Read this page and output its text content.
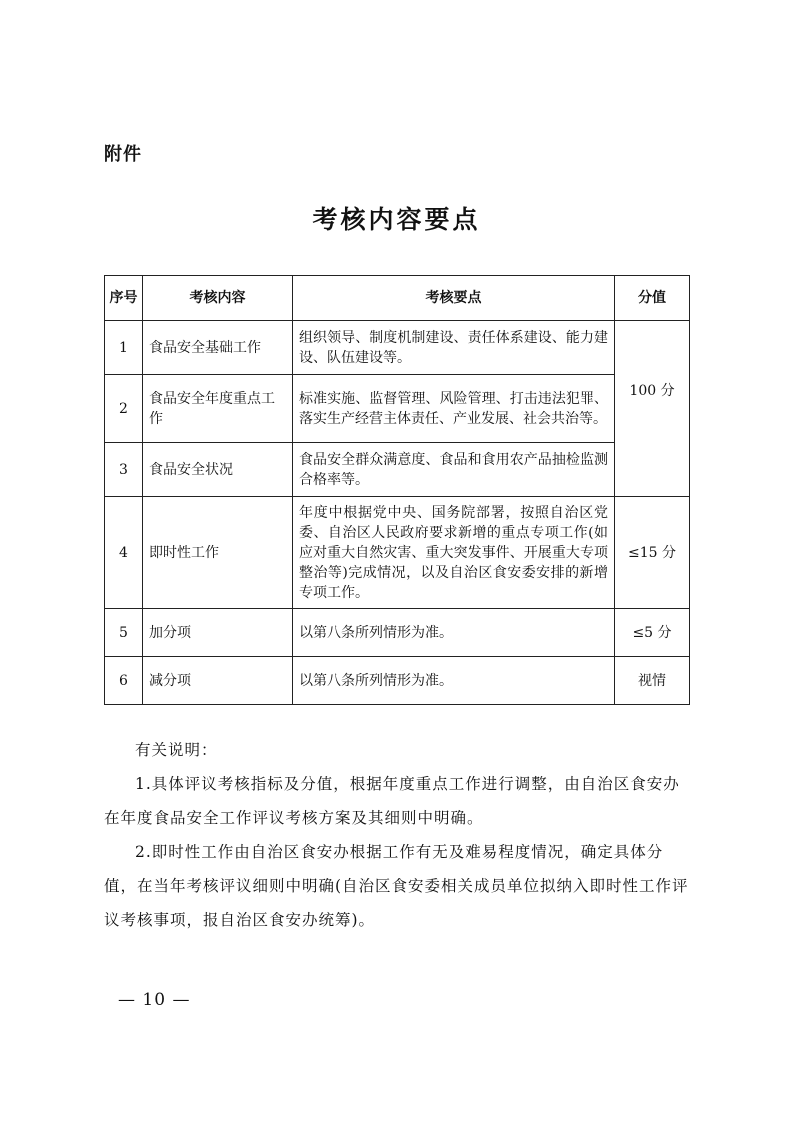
附件
考核内容要点
序号	考核内容	考核要点	分值
1	食品安全基础工作	组织领导、制度机制建设、责任体系建设、能力建设、队伍建设等。	100 分
2	食品安全年度重点工作	标准实施、监督管理、风险管理、打击违法犯罪、落实生产经营主体责任、产业发展、社会共治等。	
3	食品安全状况	食品安全群众满意度、食品和食用农产品抽检监测合格率等。	
4	即时性工作	年度中根据党中央、国务院部署，按照自治区党委、自治区人民政府要求新增的重点专项工作(如应对重大自然灾害、重大突发事件、开展重大专项整治等)完成情况，以及自治区食安委安排的新增专项工作。	≤15 分
5	加分项	以第八条所列情形为准。	≤5 分
6	减分项	以第八条所列情形为准。	视情

有关说明：

1.具体评议考核指标及分值，根据年度重点工作进行调整，由自治区食安办在年度食品安全工作评议考核方案及其细则中明确。

2.即时性工作由自治区食安办根据工作有无及难易程度情况，确定具体分值，在当年考核评议细则中明确(自治区食安委相关成员单位拟纳入即时性工作评议考核事项，报自治区食安办统筹)。

— 10 —
